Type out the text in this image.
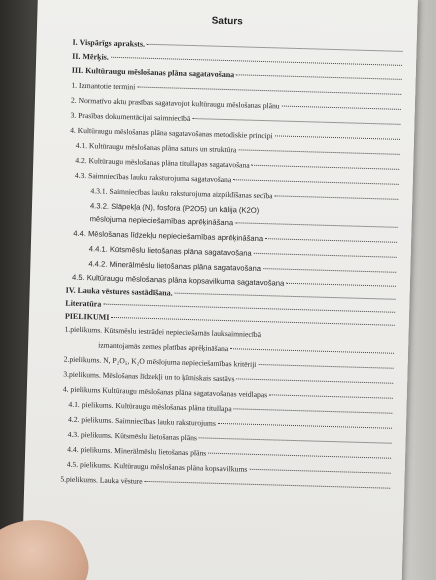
Saturs
I. Vispārīgs apraksts.
II. Mērķis.
III. Kultūraugu mēslošanas plāna sagatavošana
1. Izmantotie termini
2. Normatīvo aktu prasības sagatavojot kultūraugu mēslošanas plānu
3. Prasības dokumentācijai saimniecībā
4. Kultūraugu mēslošanas plāna sagatavošanas metodiskie principi
4.1. Kultūraugu mēslošanas plāna saturs un struktūra
4.2. Kultūraugu mēslošanas plāna titullapas sagatavošana
4.3. Saimniecības lauku raksturojuma sagatavošana
4.3.1. Saimniecības lauku raksturojuma aizpildīšanas secība
4.3.2. Slāpekļa (N), fosfora (P2O5) un kālija (K2O)
mēslojuma nepieciešamības aprēķināšana
4.4. Mēslošanas līdzekļu nepieciešamības aprēķināšana
4.4.1. Kūtsmēslu lietošanas plāna sagatavošana
4.4.2. Minerālmēslu lietošanas plāna sagatavošana
4.5. Kultūraugu mēslošanas plāna kopsavilkuma sagatavošana
IV. Lauka vēstures sastādīšana.
Literatūra
PIELIKUMI
1.pielikums. Kūtsmēslu iestrādei nepieciešamās lauksaimniecībā
izmantojamās zemes platības aprēķināšana
2.pielikums. N, P₂O₅, K₂O mēslojuma nepieciešamības kritēriji
3.pielikums. Mēslošanas līdzekļi un to ķīmiskais sastāvs
4. pielikums Kultūraugu mēslošanas plāna sagatavošanas veidlapas
4.1. pielikums. Kultūraugu mēslošanas plāna titullapa
4.2. pielikums. Saimniecības lauku raksturojums
4.3. pielikums. Kūtsmēslu lietošanas plāns
4.4. pielikums. Minerālmēslu lietošanas plāns
4.5. pielikums. Kultūraugu mēslošanas plāna kopsavilkums
5.pielikums. Lauka vēsture
